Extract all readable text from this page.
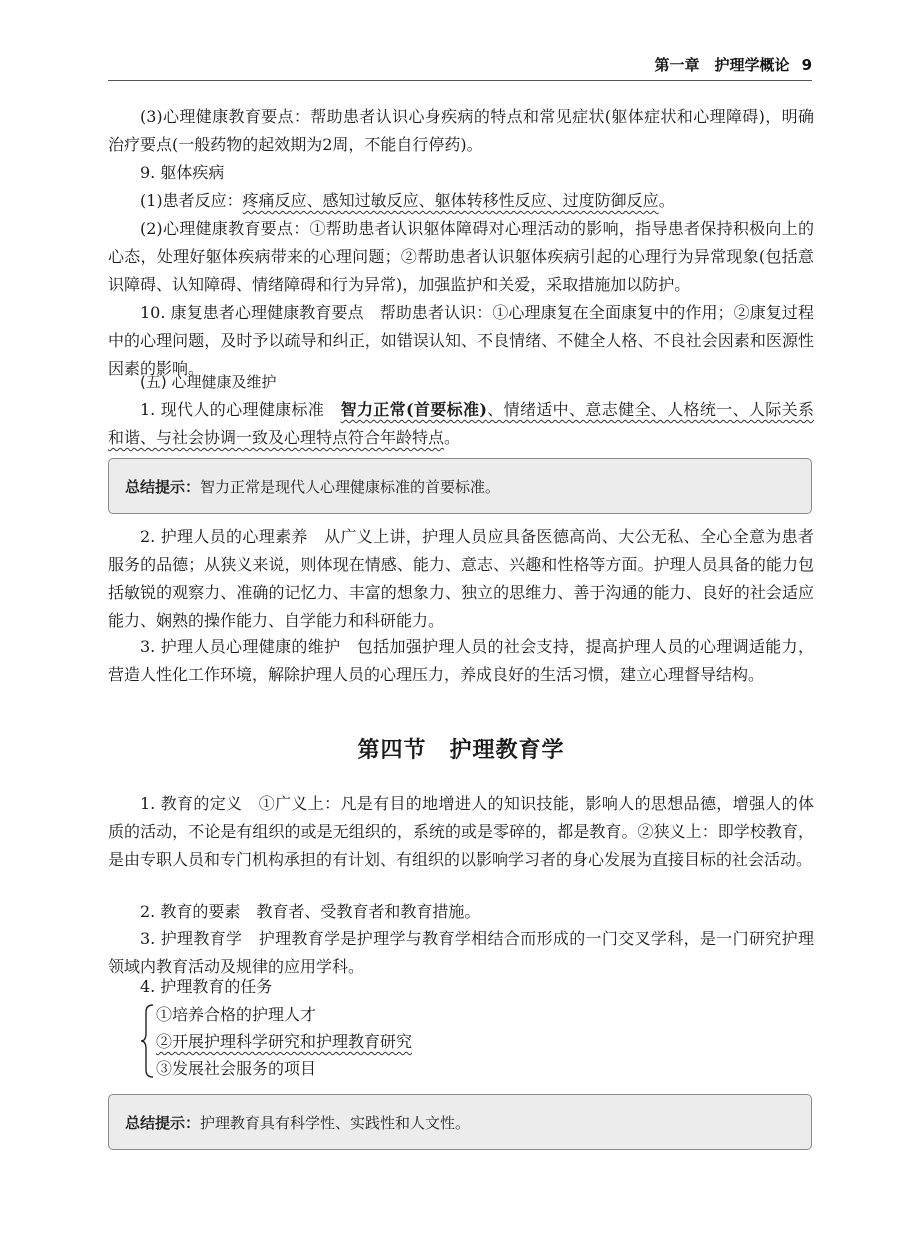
第一章　护理学概论 9

(3)心理健康教育要点：帮助患者认识心身疾病的特点和常见症状(躯体症状和心理障碍)，明确治疗要点(一般药物的起效期为2周，不能自行停药)。

9. 躯体疾病

(1)患者反应：疼痛反应、感知过敏反应、躯体转移性反应、过度防御反应。

(2)心理健康教育要点：①帮助患者认识躯体障碍对心理活动的影响，指导患者保持积极向上的心态，处理好躯体疾病带来的心理问题；②帮助患者认识躯体疾病引起的心理行为异常现象(包括意识障碍、认知障碍、情绪障碍和行为异常)，加强监护和关爱，采取措施加以防护。

10. 康复患者心理健康教育要点　帮助患者认识：①心理康复在全面康复中的作用；②康复过程中的心理问题，及时予以疏导和纠正，如错误认知、不良情绪、不健全人格、不良社会因素和医源性因素的影响。

(五) 心理健康及维护

1. 现代人的心理健康标准　智力正常(首要标准)、情绪适中、意志健全、人格统一、人际关系和谐、与社会协调一致及心理特点符合年龄特点。

总结提示： 智力正常是现代人心理健康标准的首要标准。

2. 护理人员的心理素养　从广义上讲，护理人员应具备医德高尚、大公无私、全心全意为患者服务的品德；从狭义来说，则体现在情感、能力、意志、兴趣和性格等方面。护理人员具备的能力包括敏锐的观察力、准确的记忆力、丰富的想象力、独立的思维力、善于沟通的能力、良好的社会适应能力、娴熟的操作能力、自学能力和科研能力。

3. 护理人员心理健康的维护　包括加强护理人员的社会支持，提高护理人员的心理调适能力，营造人性化工作环境，解除护理人员的心理压力，养成良好的生活习惯，建立心理督导结构。

第四节　护理教育学

1. 教育的定义　①广义上：凡是有目的地增进人的知识技能，影响人的思想品德，增强人的体质的活动，不论是有组织的或是无组织的，系统的或是零碎的，都是教育。②狭义上：即学校教育，是由专职人员和专门机构承担的有计划、有组织的以影响学习者的身心发展为直接目标的社会活动。

2. 教育的要素　教育者、受教育者和教育措施。

3. 护理教育学　护理教育学是护理学与教育学相结合而形成的一门交叉学科，是一门研究护理领域内教育活动及规律的应用学科。

4. 护理教育的任务

①培养合格的护理人才
②开展护理科学研究和护理教育研究
③发展社会服务的项目
总结提示： 护理教育具有科学性、实践性和人文性。
